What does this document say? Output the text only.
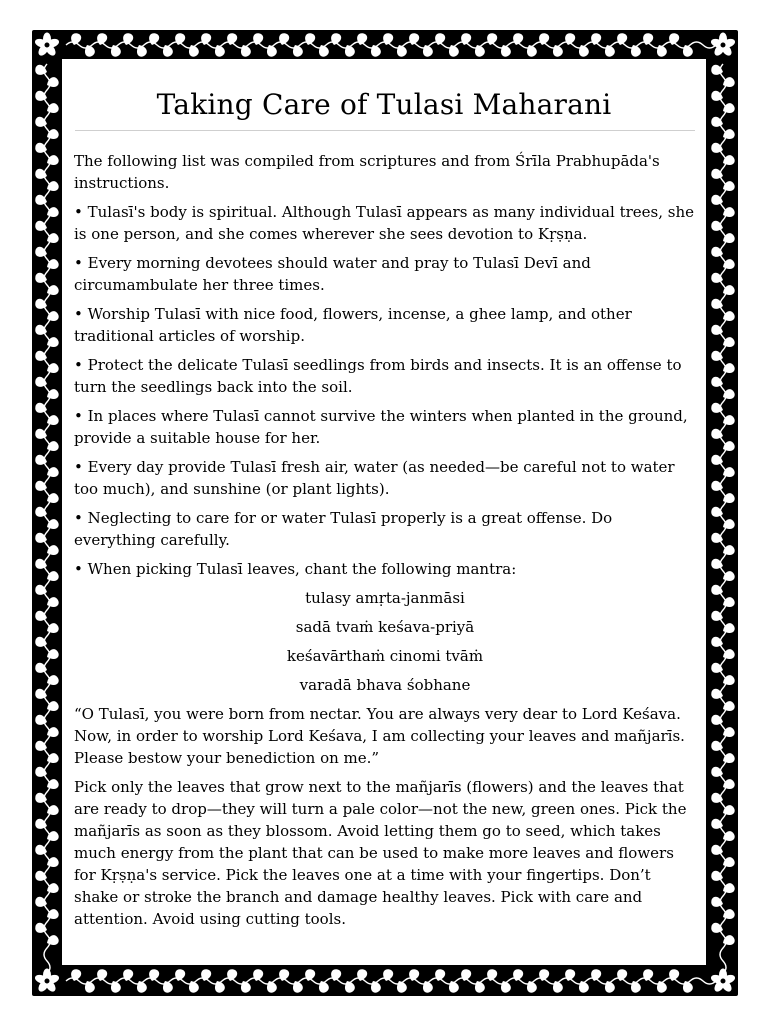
Taking Care of Tulasi Maharani

The following list was compiled from scriptures and from Śrīla Prabhupāda's instructions.

• Tulasī's body is spiritual. Although Tulasī appears as many individual trees, she is one person, and she comes wherever she sees devotion to Kṛṣṇa.

• Every morning devotees should water and pray to Tulasī Devī and circumambulate her three times.

• Worship Tulasī with nice food, flowers, incense, a ghee lamp, and other traditional articles of worship.

• Protect the delicate Tulasī seedlings from birds and insects. It is an offense to turn the seedlings back into the soil.

• In places where Tulasī cannot survive the winters when planted in the ground, provide a suitable house for her.

• Every day provide Tulasī fresh air, water (as needed—be careful not to water too much), and sunshine (or plant lights).

• Neglecting to care for or water Tulasī properly is a great offense. Do everything carefully.

• When picking Tulasī leaves, chant the following mantra:

tulasy amṛta-janmāsi

sadā tvaṁ keśava-priyā

keśavārthaṁ cinomi tvāṁ

varadā bhava śobhane

“O Tulasī, you were born from nectar. You are always very dear to Lord Keśava. Now, in order to worship Lord Keśava, I am collecting your leaves and mañjarīs. Please bestow your benediction on me.”

Pick only the leaves that grow next to the mañjarīs (flowers) and the leaves that are ready to drop—they will turn a pale color—not the new, green ones. Pick the mañjarīs as soon as they blossom. Avoid letting them go to seed, which takes much energy from the plant that can be used to make more leaves and flowers for Kṛṣṇa's service. Pick the leaves one at a time with your fingertips. Don’t shake or stroke the branch and damage healthy leaves. Pick with care and attention. Avoid using cutting tools.
